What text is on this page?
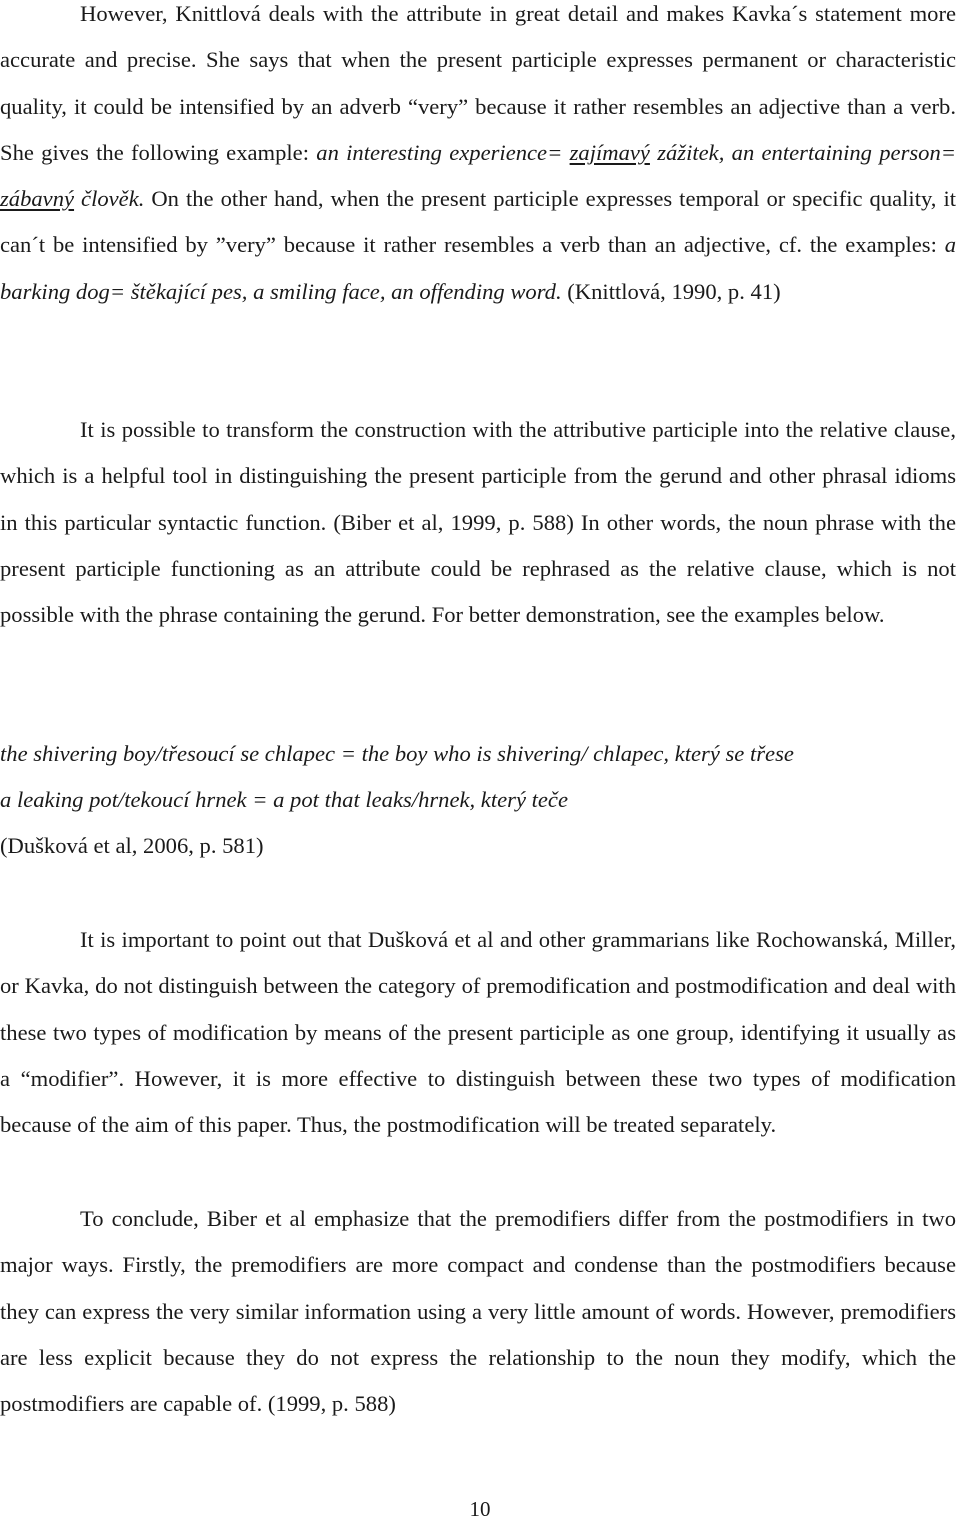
However, Knittlová deals with the attribute in great detail and makes Kavka´s statement more accurate and precise. She says that when the present participle expresses permanent or characteristic quality, it could be intensified by an adverb “very” because it rather resembles an adjective than a verb. She gives the following example: an interesting experience= zajímavý zážitek, an entertaining person= zábavný člověk. On the other hand, when the present participle expresses temporal or specific quality, it can´t be intensified by ”very” because it rather resembles a verb than an adjective, cf. the examples: a barking dog= štěkající pes, a smiling face, an offending word. (Knittlová, 1990, p. 41)

It is possible to transform the construction with the attributive participle into the relative clause, which is a helpful tool in distinguishing the present participle from the gerund and other phrasal idioms in this particular syntactic function. (Biber et al, 1999, p. 588) In other words, the noun phrase with the present participle functioning as an attribute could be rephrased as the relative clause, which is not possible with the phrase containing the gerund. For better demonstration, see the examples below.

the shivering boy/třesoucí se chlapec = the boy who is shivering/ chlapec, který se třese

a leaking pot/tekoucí hrnek = a pot that leaks/hrnek, který teče

(Dušková et al, 2006, p. 581)

It is important to point out that Dušková et al and other grammarians like Rochowanská, Miller, or Kavka, do not distinguish between the category of premodification and postmodification and deal with these two types of modification by means of the present participle as one group, identifying it usually as a “modifier”. However, it is more effective to distinguish between these two types of modification because of the aim of this paper. Thus, the postmodification will be treated separately.

To conclude, Biber et al emphasize that the premodifiers differ from the postmodifiers in two major ways. Firstly, the premodifiers are more compact and condense than the postmodifiers because they can express the very similar information using a very little amount of words. However, premodifiers are less explicit because they do not express the relationship to the noun they modify, which the postmodifiers are capable of. (1999, p. 588)

10
